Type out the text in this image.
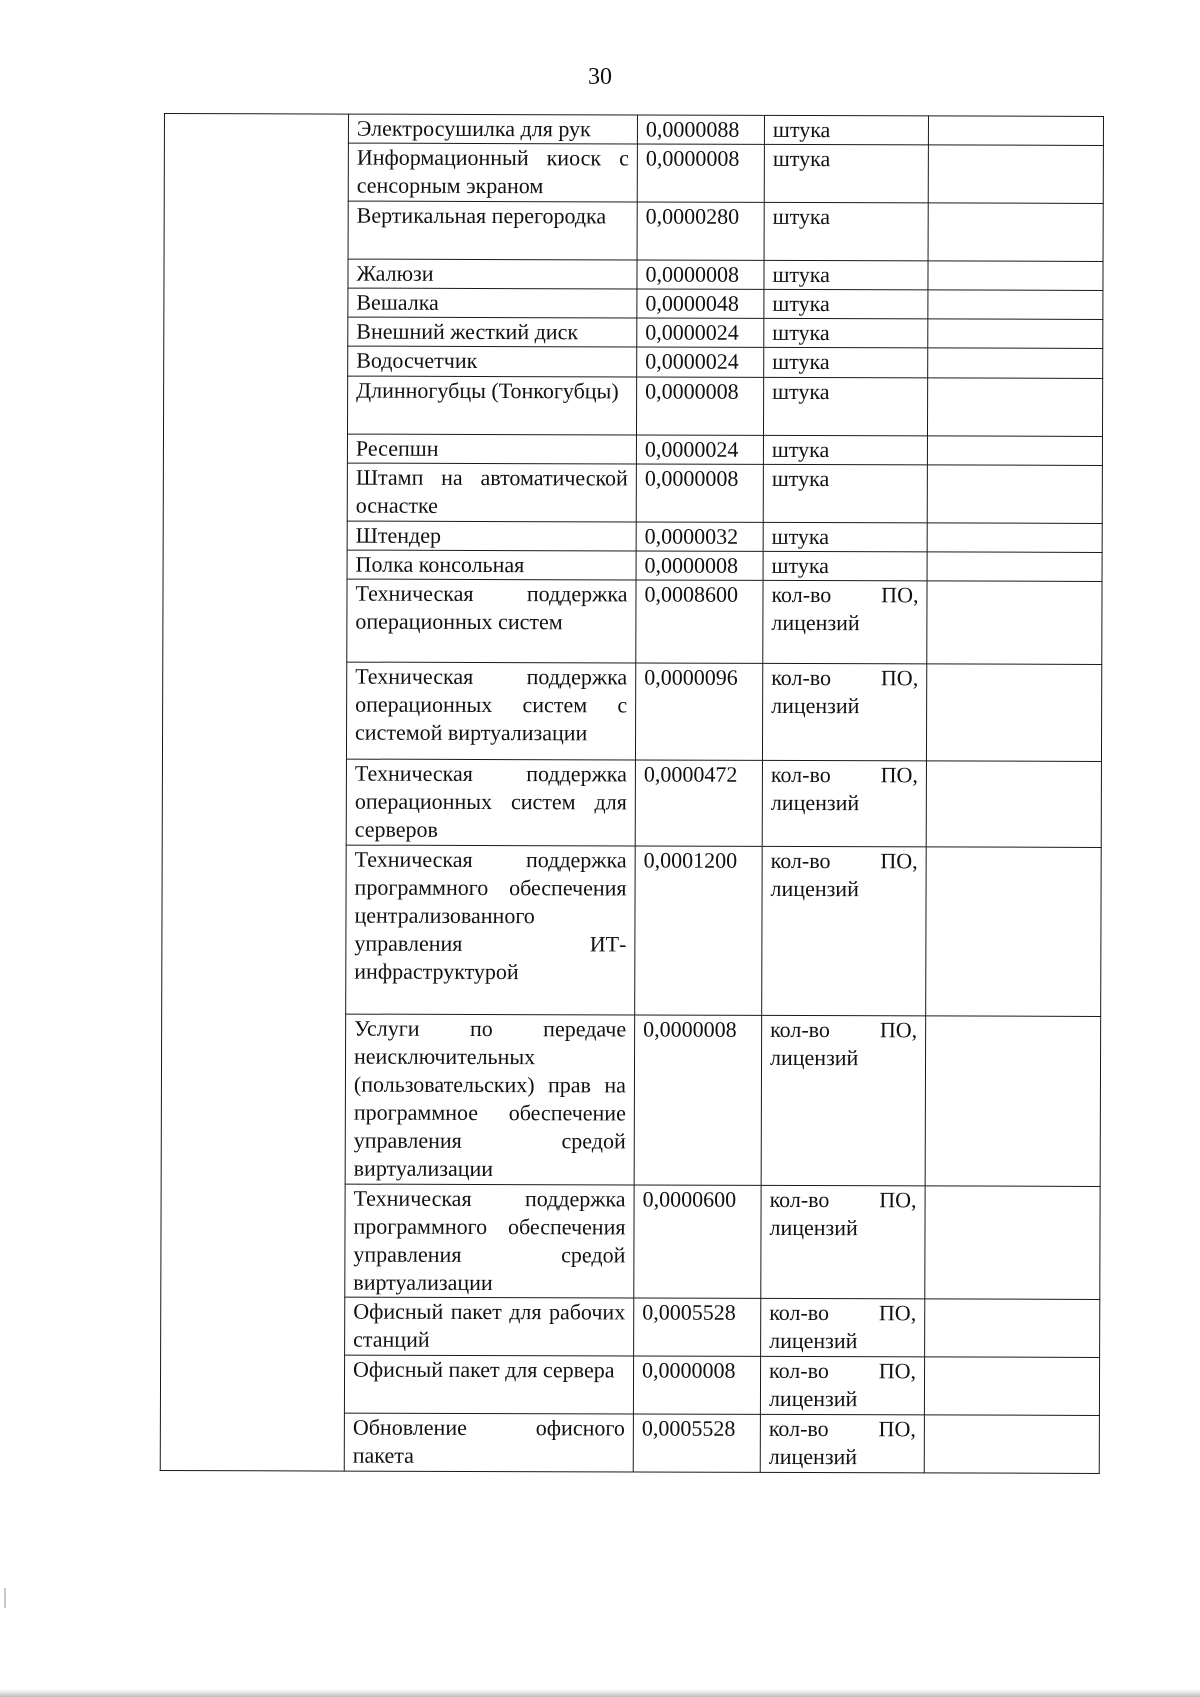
30
	Электросушилка для рук	0,0000088	штука	

	Информационный киоск с сенсорным экраном	0,0000008	штука	

	Вертикальная перегородка	0,0000280	штука	

	Жалюзи	0,0000008	штука	

	Вешалка	0,0000048	штука	

	Внешний жесткий диск	0,0000024	штука	

	Водосчетчик	0,0000024	штука	

	Длинногубцы (Тонкогубцы)	0,0000008	штука	

	Ресепшн	0,0000024	штука	

	Штамп на автоматической оснастке	0,0000008	штука	

	Штендер	0,0000032	штука	

	Полка консольная	0,0000008	штука	

	Техническая поддержка операционных систем	0,0008600	кол-во ПО, лицензий	

	Техническая поддержка операционных систем с системой виртуализации	0,0000096	кол-во ПО, лицензий	

	Техническая поддержка операционных систем для серверов	0,0000472	кол-во ПО, лицензий	

	Техническая поддержка программного обеспечения централизованного управления ИТ-инфраструктурой	0,0001200	кол-во ПО, лицензий	

	Услуги по передаче неисключительных (пользовательских) прав на программное обеспечение управления средой виртуализации	0,0000008	кол-во ПО, лицензий	

	Техническая поддержка программного обеспечения управления средой виртуализации	0,0000600	кол-во ПО, лицензий	

	Офисный пакет для рабочих станций	0,0005528	кол-во ПО, лицензий	

	Офисный пакет для сервера	0,0000008	кол-во ПО, лицензий	

	Обновление офисного пакета	0,0005528	кол-во ПО, лицензий	
